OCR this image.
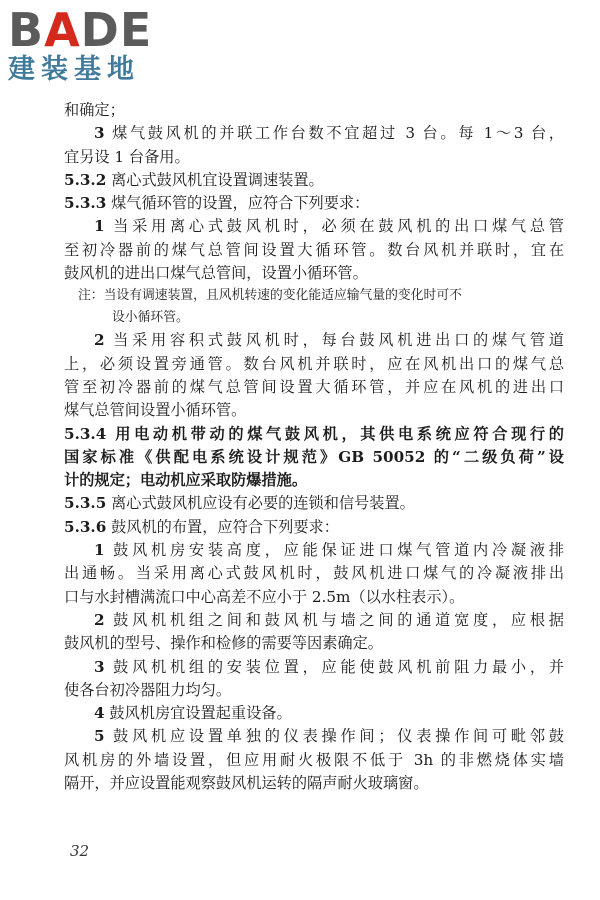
BADE
建装基地
和确定；
3 煤气鼓风机的并联工作台数不宜超过 3 台。每 1～3 台，
宜另设 1 台备用。
5.3.2 离心式鼓风机宜设置调速装置。
5.3.3 煤气循环管的设置，应符合下列要求：
1 当采用离心式鼓风机时，必须在鼓风机的出口煤气总管
至初冷器前的煤气总管间设置大循环管。数台风机并联时，宜在
鼓风机的进出口煤气总管间，设置小循环管。
注：当设有调速装置，且风机转速的变化能适应输气量的变化时可不
设小循环管。
2 当采用容积式鼓风机时，每台鼓风机进出口的煤气管道
上，必须设置旁通管。数台风机并联时，应在风机出口的煤气总
管至初冷器前的煤气总管间设置大循环管，并应在风机的进出口
煤气总管间设置小循环管。
5.3.4 用电动机带动的煤气鼓风机，其供电系统应符合现行的
国家标准《供配电系统设计规范》GB 50052 的“二级负荷”设
计的规定；电动机应采取防爆措施。
5.3.5 离心式鼓风机应设有必要的连锁和信号装置。
5.3.6 鼓风机的布置，应符合下列要求：
1 鼓风机房安装高度，应能保证进口煤气管道内冷凝液排
出通畅。当采用离心式鼓风机时，鼓风机进口煤气的冷凝液排出
口与水封槽满流口中心高差不应小于 2.5m（以水柱表示）。
2 鼓风机机组之间和鼓风机与墙之间的通道宽度，应根据
鼓风机的型号、操作和检修的需要等因素确定。
3 鼓风机机组的安装位置，应能使鼓风机前阻力最小，并
使各台初冷器阻力均匀。
4 鼓风机房宜设置起重设备。
5 鼓风机应设置单独的仪表操作间；仪表操作间可毗邻鼓
风机房的外墙设置，但应用耐火极限不低于 3h 的非燃烧体实墙
隔开，并应设置能观察鼓风机运转的隔声耐火玻璃窗。
32
